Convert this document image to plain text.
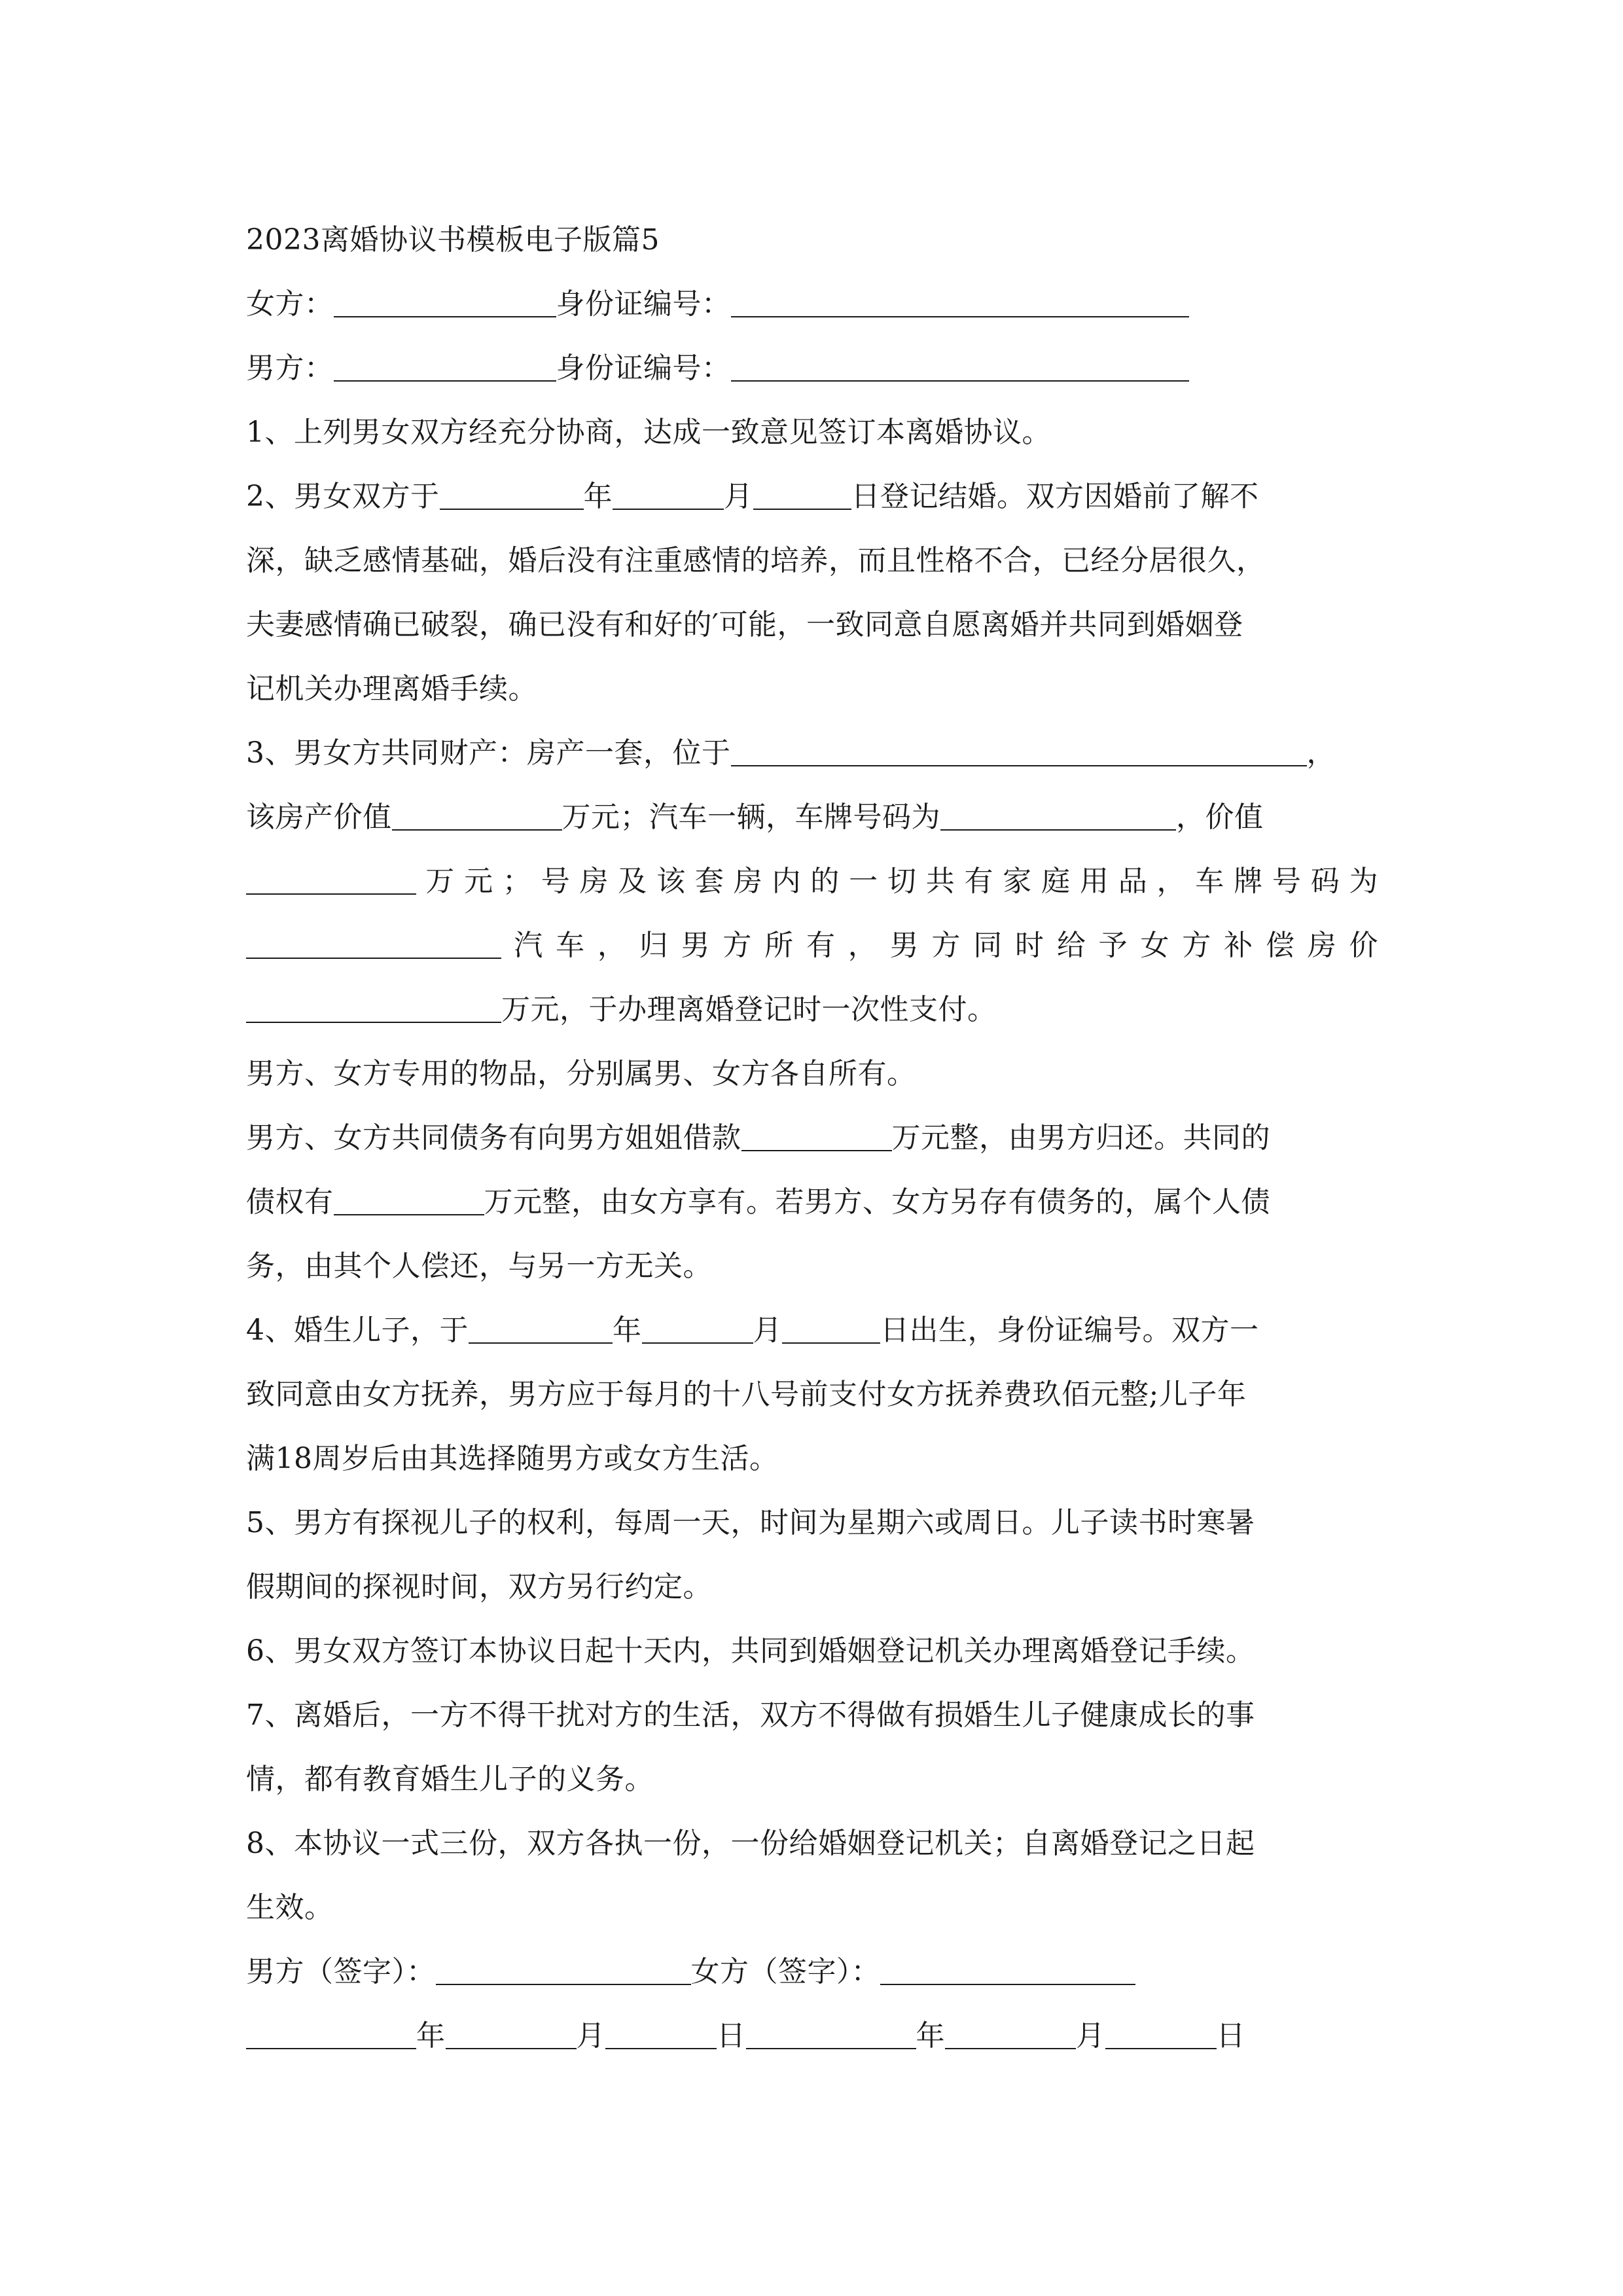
2023离婚协议书模板电子版篇5
女方：	身份证编号：
男方：	身份证编号：
1、上列男女双方经充分协商，达成一致意见签订本离婚协议。
2、男女双方于	年	月	日登记结婚。双方因婚前了解不
深，缺乏感情基础，婚后没有注重感情的培养，而且性格不合，已经分居很久，
夫妻感情确已破裂，确已没有和好的′可能，一致同意自愿离婚并共同到婚姻登
记机关办理离婚手续。
3、男女方共同财产：房产一套，位于	，
该房产价值	万元；汽车一辆，车牌号码为	，价值
万元；号房及该套房内的一切共有家庭用品，车牌号码为
汽车，归男方所有，男方同时给予女方补偿房价
万元，于办理离婚登记时一次性支付。
男方、女方专用的物品，分别属男、女方各自所有。
男方、女方共同债务有向男方姐姐借款	万元整，由男方归还。共同的
债权有	万元整，由女方享有。若男方、女方另存有债务的，属个人债
务，由其个人偿还，与另一方无关。
4、婚生儿子，于	年	月	日出生，身份证编号。双方一
致同意由女方抚养，男方应于每月的十八号前支付女方抚养费玖佰元整;儿子年
满18周岁后由其选择随男方或女方生活。
5、男方有探视儿子的权利，每周一天，时间为星期六或周日。儿子读书时寒暑
假期间的探视时间，双方另行约定。
6、男女双方签订本协议日起十天内，共同到婚姻登记机关办理离婚登记手续。
7、离婚后，一方不得干扰对方的生活，双方不得做有损婚生儿子健康成长的事
情，都有教育婚生儿子的义务。
8、本协议一式三份，双方各执一份，一份给婚姻登记机关；自离婚登记之日起
生效。
男方（签字）：	女方（签字）：
年	月	日	年	月	日
